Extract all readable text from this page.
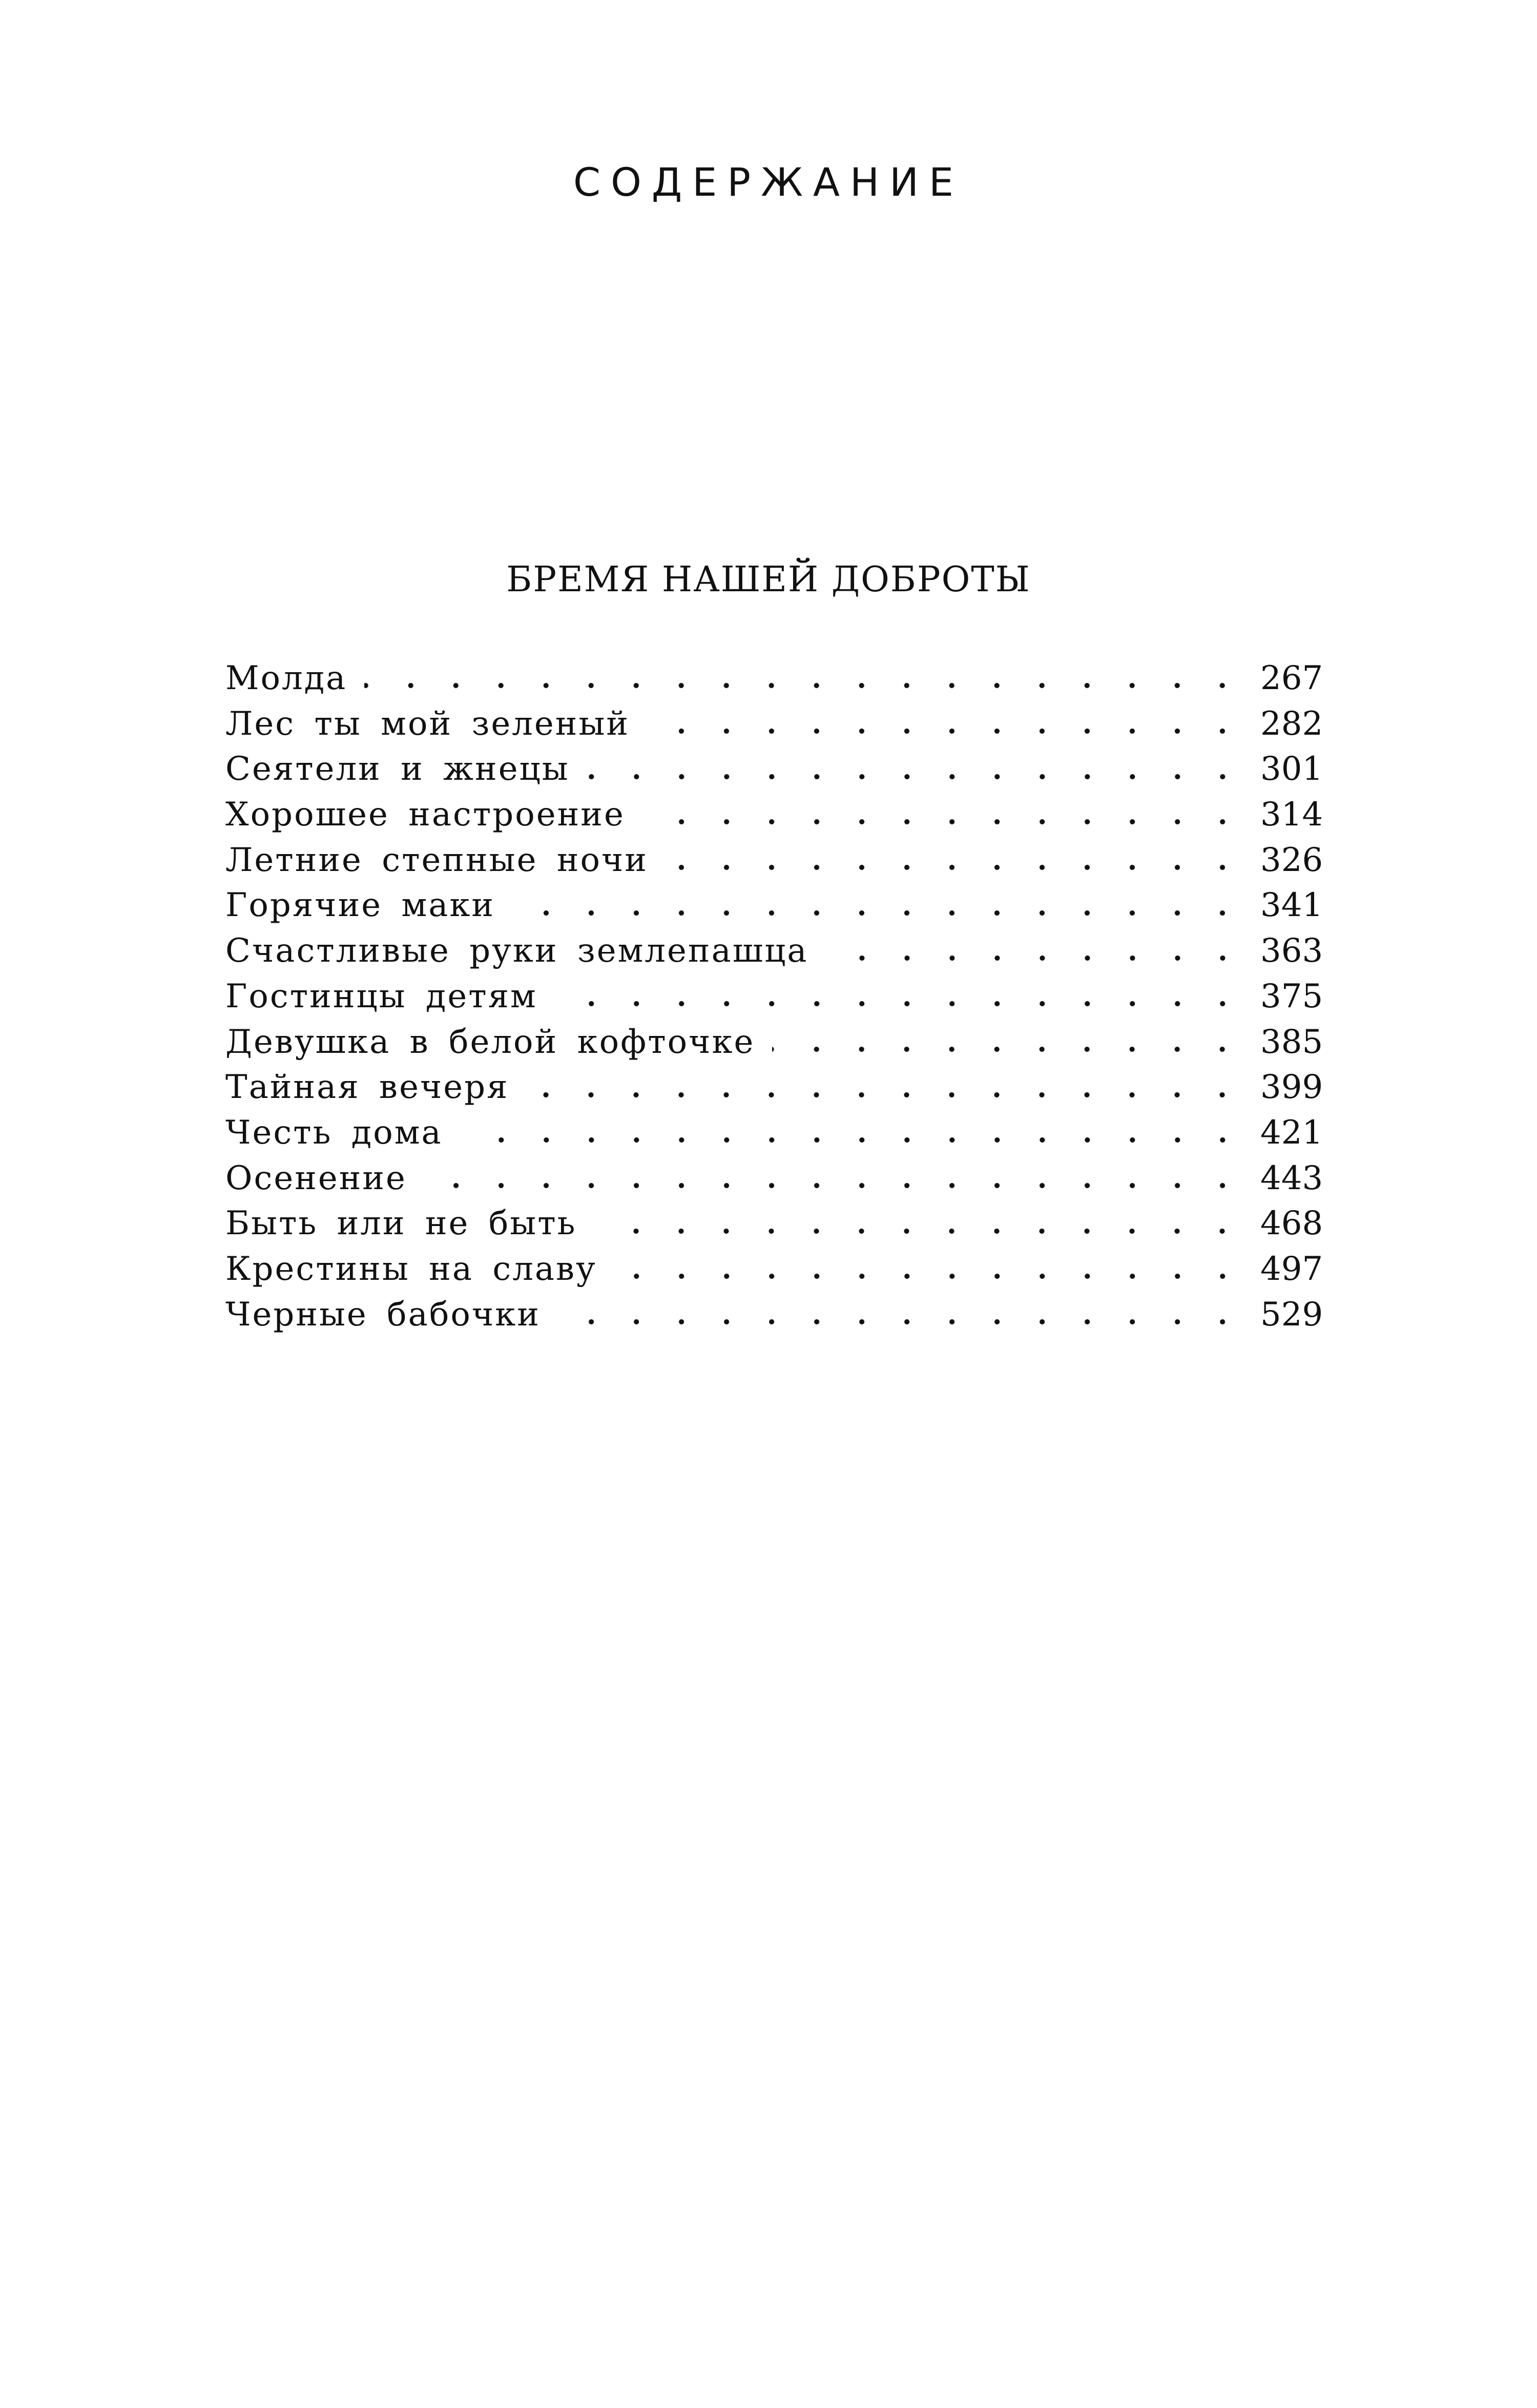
СОДЕРЖАНИЕ
БРЕМЯ НАШЕЙ ДОБРОТЫ
Молда	267
Лес ты мой зеленый	282
Сеятели и жнецы	301
Хорошее настроение	314
Летние степные ночи	326
Горячие маки	341
Счастливые руки землепашца	363
Гостинцы детям	375
Девушка в белой кофточке	385
Тайная вечеря	399
Честь дома	421
Осенение	443
Быть или не быть	468
Крестины на славу	497
Черные бабочки	529
